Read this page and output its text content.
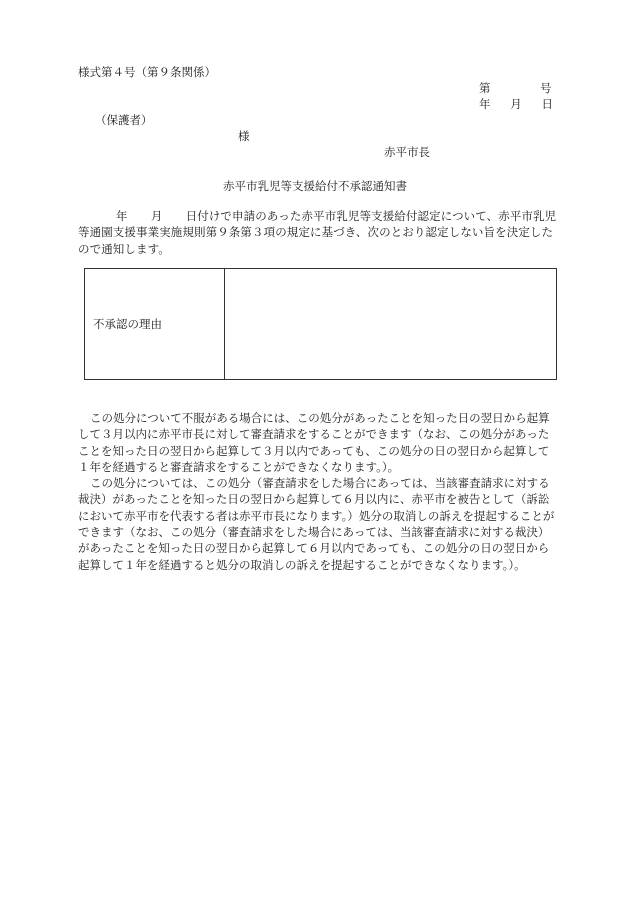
様式第４号（第９条関係）
第	号
年 月 日
（保護者）
様
赤平市長
赤平市乳児等支援給付不承認通知書
年　　 月　　 日付けで申請のあった赤平市乳児等支援給付認定について、赤平市乳児等通園支援事業実施規則第９条第３項の規定に基づき、次のとおり認定しない旨を決定したので通知します。
不承認の理由

この処分について不服がある場合には、この処分があったことを知った日の翌日から起算して３月以内に赤平市長に対して審査請求をすることができます（なお、この処分があったことを知った日の翌日から起算して３月以内であっても、この処分の日の翌日から起算して１年を経過すると審査請求をすることができなくなります。）。

この処分については、この処分（審査請求をした場合にあっては、当該審査請求に対する裁決）があったことを知った日の翌日から起算して６月以内に、赤平市を被告として（訴訟において赤平市を代表する者は赤平市長になります。）処分の取消しの訴えを提起することができます（なお、この処分（審査請求をした場合にあっては、当該審査請求に対する裁決）があったことを知った日の翌日から起算して６月以内であっても、この処分の日の翌日から起算して１年を経過すると処分の取消しの訴えを提起することができなくなります。）。
